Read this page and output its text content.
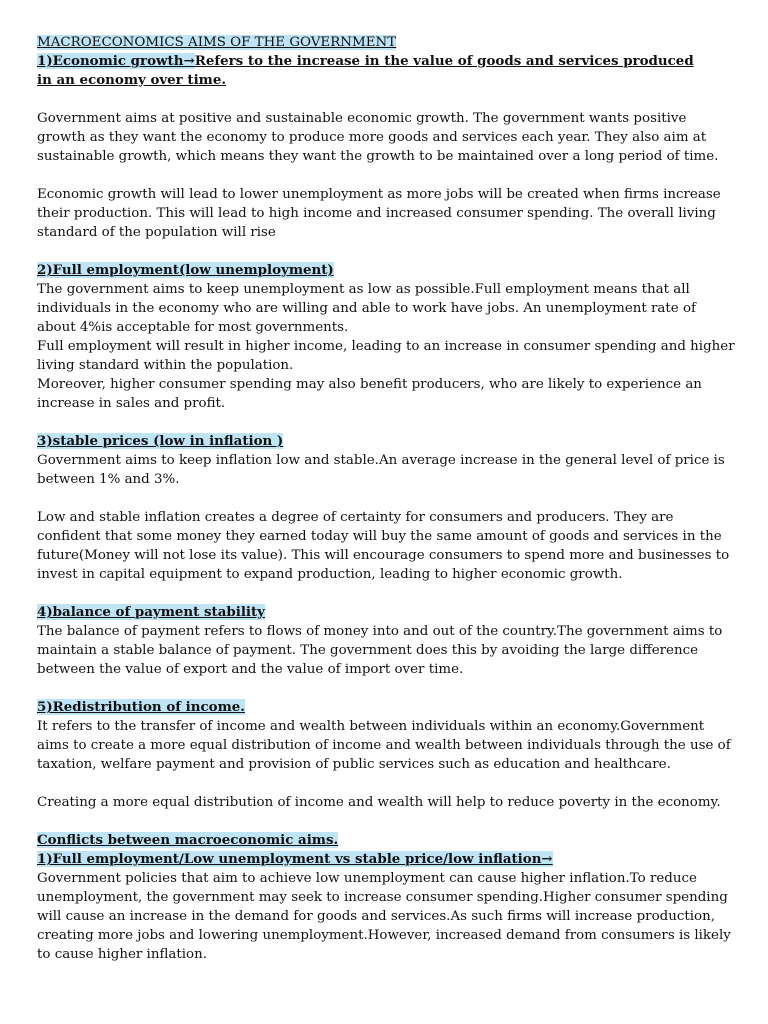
MACROECONOMICS AIMS OF THE GOVERNMENT

1)Economic growth→Refers to the increase in the value of goods and services produced

in an economy over time.

Government aims at positive and sustainable economic growth. The government wants positive growth as they want the economy to produce more goods and services each year. They also aim at sustainable growth, which means they want the growth to be maintained over a long period of time.

Economic growth will lead to lower unemployment as more jobs will be created when firms increase their production. This will lead to high income and increased consumer spending. The overall living standard of the population will rise

2)Full employment(low unemployment)

The government aims to keep unemployment as low as possible.Full employment means that all individuals in the economy who are willing and able to work have jobs. An unemployment rate of about 4%is acceptable for most governments.

Full employment will result in higher income, leading to an increase in consumer spending and higher living standard within the population.

Moreover, higher consumer spending may also benefit producers, who are likely to experience an increase in sales and profit.

3)stable prices (low in inflation )

Government aims to keep inflation low and stable.An average increase in the general level of price is between 1% and 3%.

Low and stable inflation creates a degree of certainty for consumers and producers. They are confident that some money they earned today will buy the same amount of goods and services in the future(Money will not lose its value). This will encourage consumers to spend more and businesses to invest in capital equipment to expand production, leading to higher economic growth.

4)balance of payment stability

The balance of payment refers to flows of money into and out of the country.The government aims to maintain a stable balance of payment. The government does this by avoiding the large difference between the value of export and the value of import over time.

5)Redistribution of income.

It refers to the transfer of income and wealth between individuals within an economy.Government aims to create a more equal distribution of income and wealth between individuals through the use of taxation, welfare payment and provision of public services such as education and healthcare.

Creating a more equal distribution of income and wealth will help to reduce poverty in the economy.

Conflicts between macroeconomic aims.

1)Full employment/Low unemployment vs stable price/low inflation→

Government policies that aim to achieve low unemployment can cause higher inflation.To reduce unemployment, the government may seek to increase consumer spending.Higher consumer spending will cause an increase in the demand for goods and services.As such firms will increase production, creating more jobs and lowering unemployment.However, increased demand from consumers is likely to cause higher inflation.
